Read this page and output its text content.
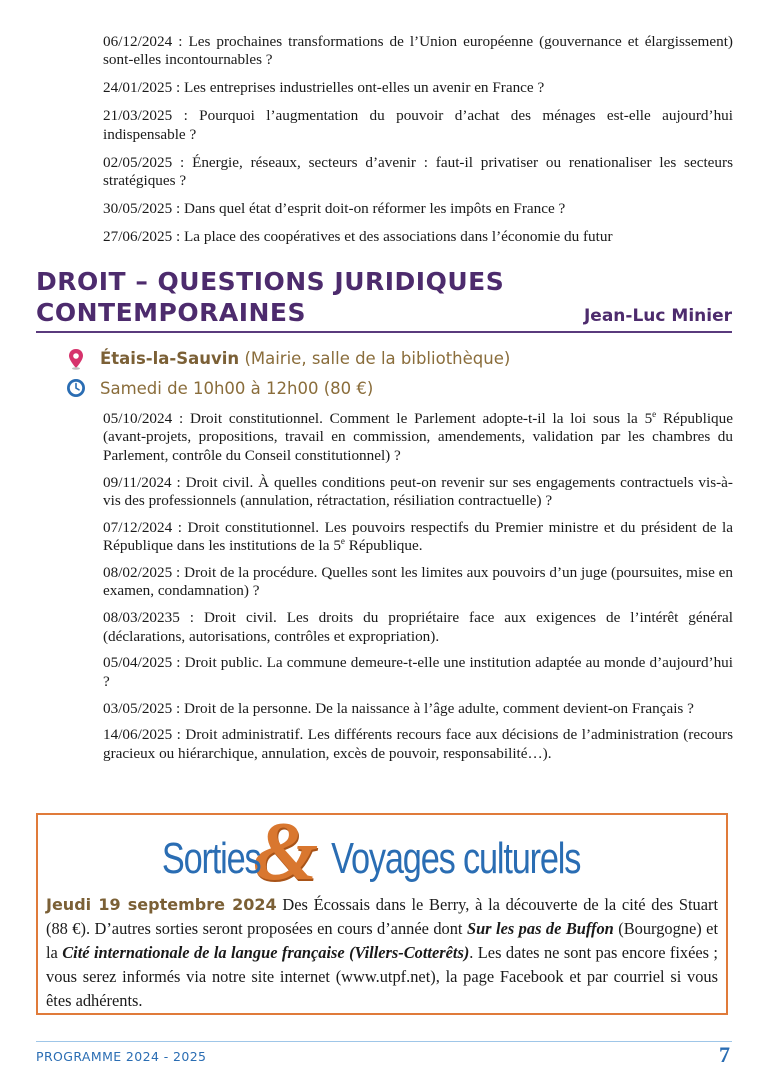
06/12/2024 : Les prochaines transformations de l’Union européenne (gouvernance et élargissement) sont-elles incontournables ?

24/01/2025 : Les entreprises industrielles ont-elles un avenir en France ?

21/03/2025 : Pourquoi l’augmentation du pouvoir d’achat des ménages est-elle aujourd’hui indispensable ?

02/05/2025 : Énergie, réseaux, secteurs d’avenir : faut-il privatiser ou renationaliser les secteurs stratégiques ?

30/05/2025 : Dans quel état d’esprit doit-on réformer les impôts en France ?

27/06/2025 : La place des coopératives et des associations dans l’économie du futur

DROIT – QUESTIONS JURIDIQUES CONTEMPORAINES	Jean-Luc Minier
Étais-la-Sauvin
(Mairie, salle de la bibliothèque)
Samedi de 10h00 à 12h00 (80 €)

05/10/2024 : Droit constitutionnel. Comment le Parlement adopte-t-il la loi sous la 5e République (avant-projets, propositions, travail en commission, amendements, validation par les chambres du Parlement, contrôle du Conseil constitutionnel) ?

09/11/2024 : Droit civil. À quelles conditions peut-on revenir sur ses engagements contractuels vis-à-vis des professionnels (annulation, rétractation, résiliation contractuelle) ?

07/12/2024 : Droit constitutionnel. Les pouvoirs respectifs du Premier ministre et du président de la République dans les institutions de la 5e République.

08/02/2025 : Droit de la procédure. Quelles sont les limites aux pouvoirs d’un juge (poursuites, mise en examen, condamnation) ?

08/03/20235 : Droit civil. Les droits du propriétaire face aux exigences de l’intérêt général (déclarations, autorisations, contrôles et expropriation).

05/04/2025 : Droit public. La commune demeure-t-elle une institution adaptée au monde d’aujourd’hui ?

03/05/2025 : Droit de la personne. De la naissance à l’âge adulte, comment devient-on Français ?

14/06/2025 : Droit administratif. Les différents recours face aux décisions de l’administration (recours gracieux ou hiérarchique, annulation, excès de pouvoir, responsabilité…).

Sorties& Voyages culturels
Jeudi 19 septembre 2024 Des Écossais dans le Berry, à la découverte de la cité des Stuart (88 €). D’autres sorties seront proposées en cours d’année dont Sur les pas de Buffon (Bourgogne) et la Cité internationale de la langue française (Villers-Cotterêts). Les dates ne sont pas encore fixées ; vous serez informés via notre site internet (www.utpf.net), la page Facebook et par courriel si vous êtes adhérents.
PROGRAMME 2024 - 2025	7
